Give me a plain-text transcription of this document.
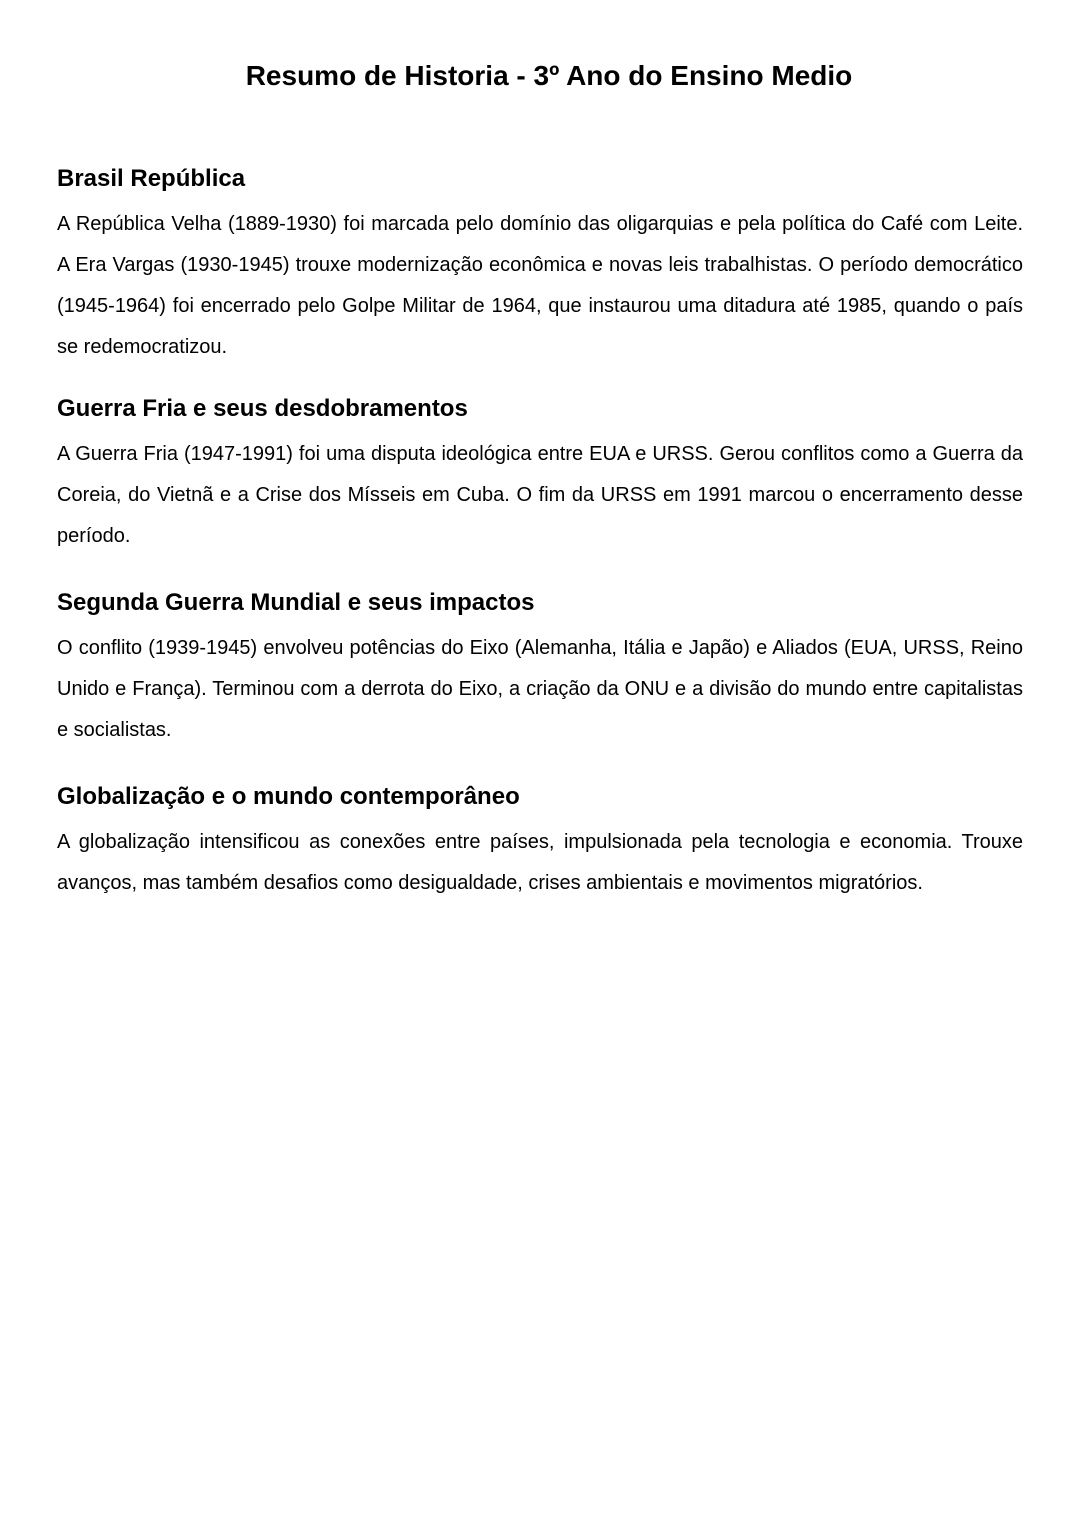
Resumo de Historia - 3º Ano do Ensino Medio
Brasil República

A República Velha (1889-1930) foi marcada pelo domínio das oligarquias e pela política do Café com Leite. A Era Vargas (1930-1945) trouxe modernização econômica e novas leis trabalhistas. O período democrático (1945-1964) foi encerrado pelo Golpe Militar de 1964, que instaurou uma ditadura até 1985, quando o país se redemocratizou.

Guerra Fria e seus desdobramentos

A Guerra Fria (1947-1991) foi uma disputa ideológica entre EUA e URSS. Gerou conflitos como a Guerra da Coreia, do Vietnã e a Crise dos Mísseis em Cuba. O fim da URSS em 1991 marcou o encerramento desse período.

Segunda Guerra Mundial e seus impactos

O conflito (1939-1945) envolveu potências do Eixo (Alemanha, Itália e Japão) e Aliados (EUA, URSS, Reino Unido e França). Terminou com a derrota do Eixo, a criação da ONU e a divisão do mundo entre capitalistas e socialistas.

Globalização e o mundo contemporâneo

A globalização intensificou as conexões entre países, impulsionada pela tecnologia e economia. Trouxe avanços, mas também desafios como desigualdade, crises ambientais e movimentos migratórios.
